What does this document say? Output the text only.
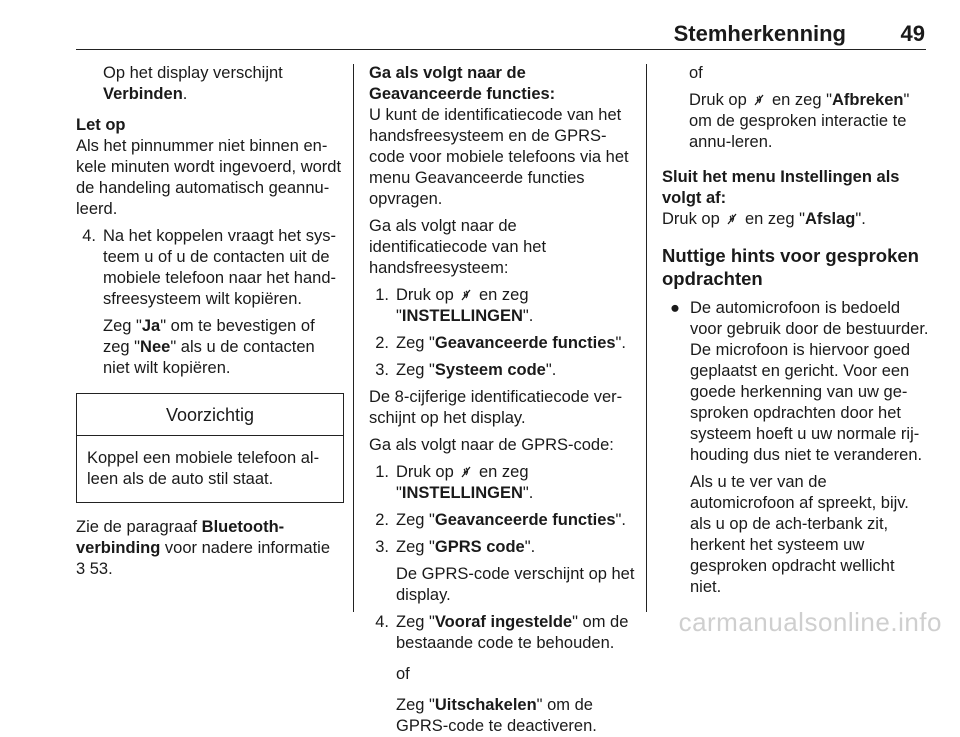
Stemherkenning 49

Op het display verschijnt
Verbinden.

Let op

Als het pinnummer niet binnen en-kele minuten wordt ingevoerd, wordt de handeling automatisch geannu-leerd.

4. Na het koppelen vraagt het sys-teem u of u de contacten uit de mobiele telefoon naar het hand-sfreesysteem wilt kopiëren.

Zeg "Ja" om te bevestigen of zeg "Nee" als u de contacten niet wilt kopiëren.

Voorzichtig
Koppel een mobiele telefoon al-leen als de auto stil staat.

Zie de paragraaf Bluetooth-verbinding voor nadere informatie
3 53.

Ga als volgt naar de Geavanceerde functies:

U kunt de identificatiecode van het handsfreesysteem en de GPRS-code voor mobiele telefoons via het menu Geavanceerde functies opvragen.

Ga als volgt naar de identificatiecode van het handsfreesysteem:

1. Druk op en zeg
"INSTELLINGEN".
2. Zeg "Geavanceerde functies".
3. Zeg "Systeem code".

De 8-cijferige identificatiecode ver-schijnt op het display.

Ga als volgt naar de GPRS-code:

1. Druk op en zeg
"INSTELLINGEN".
2. Zeg "Geavanceerde functies".
3. Zeg "GPRS code".

De GPRS-code verschijnt op het display.

4. Zeg "Vooraf ingestelde" om de bestaande code te behouden.

of

Zeg "Uitschakelen" om de GPRS-code te deactiveren.

of

Druk op en zeg "Afbreken" om de gesproken interactie te annu-leren.

Sluit het menu Instellingen als volgt af:

Druk op en zeg "Afslag".

Nuttige hints voor gesproken opdrachten

● De automicrofoon is bedoeld voor gebruik door de bestuurder. De microfoon is hiervoor goed geplaatst en gericht. Voor een goede herkenning van uw ge-sproken opdrachten door het systeem hoeft u uw normale rij-houding dus niet te veranderen.

Als u te ver van de automicrofoon af spreekt, bijv. als u op de ach-terbank zit, herkent het systeem uw gesproken opdracht wellicht niet.

carmanualsonline.info
